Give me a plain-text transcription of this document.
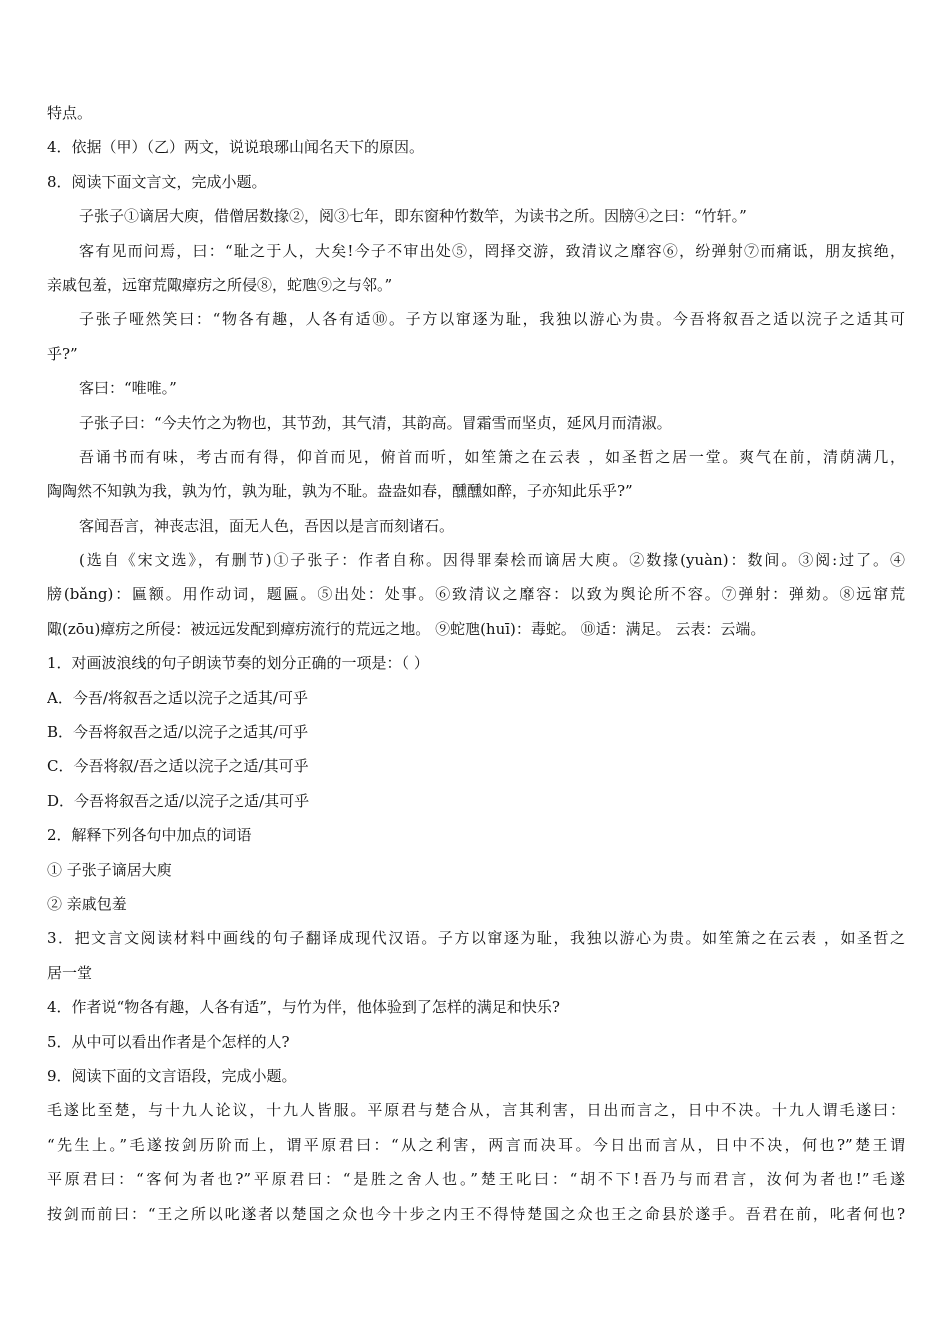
特点。
4．依据（甲）（乙）两文，说说琅琊山闻名天下的原因。
8．阅读下面文言文，完成小题。
子张子①谪居大庾，借僧居数掾②，阅③七年，即东窗种竹数竿，为读书之所。因牓④之曰：“竹轩。”
客有见而问焉，曰：“耻之于人，大矣!今子不审出处⑤，罔择交游，致清议之靡容⑥，纷弹射⑦而痛诋，朋友摈绝，
亲戚包羞，远窜荒陬瘴疠之所侵⑧，蛇虺⑨之与邻。”
子张子哑然笑曰：“物各有趣，人各有适⑩。子方以窜逐为耻，我独以游心为贵。今吾将叙吾之适以浣子之适其可
乎?”
客曰：“唯唯。”
子张子曰：“今夫竹之为物也，其节劲，其气清，其韵高。冒霜雪而坚贞，延风月而清淑。
吾诵书而有味，考古而有得，仰首而见，俯首而听，如笙箫之在云表 ，如圣哲之居一堂。爽气在前，清荫满几，
陶陶然不知孰为我，孰为竹，孰为耻，孰为不耻。盎盎如春，醺醺如醉，子亦知此乐乎?”
客闻吾言，神丧志沮，面无人色，吾因以是言而刻诸石。
(选自《宋文选》，有删节)①子张子：作者自称。因得罪秦桧而谪居大庾。②数掾(yuàn)：数间。③阅:过了。④
牓(bǎng)：匾额。用作动词，题匾。⑤出处：处事。⑥致清议之靡容：以致为舆论所不容。⑦弹射：弹劾。⑧远窜荒
陬(zōu)瘴疠之所侵：被远远发配到瘴疠流行的荒远之地。 ⑨蛇虺(huī)：毒蛇。 ⑩适：满足。 云表：云端。
1．对画波浪线的句子朗读节奏的划分正确的一项是：（ ）
A．今吾/将叙吾之适以浣子之适其/可乎
B．今吾将叙吾之适/以浣子之适其/可乎
C．今吾将叙/吾之适以浣子之适/其可乎
D．今吾将叙吾之适/以浣子之适/其可乎
2．解释下列各句中加点的词语
① 子张子谪居大庾
② 亲戚包羞
3．把文言文阅读材料中画线的句子翻译成现代汉语。子方以窜逐为耻，我独以游心为贵。如笙箫之在云表 ，如圣哲之
居一堂
4．作者说“物各有趣，人各有适”，与竹为伴，他体验到了怎样的满足和快乐?
5．从中可以看出作者是个怎样的人?
9．阅读下面的文言语段，完成小题。
毛遂比至楚，与十九人论议，十九人皆服。平原君与楚合从，言其利害，日出而言之，日中不决。十九人谓毛遂曰：
“先生上。”毛遂按剑历阶而上，谓平原君曰：“从之利害，两言而决耳。今日出而言从，日中不决，何也?”楚王谓
平原君曰：“客何为者也?”平原君曰：“是胜之舍人也。”楚王叱曰：“胡不下!吾乃与而君言，汝何为者也!”毛遂
按剑而前曰：“王之所以叱遂者以楚国之众也今十步之内王不得恃楚国之众也王之命县於遂手。吾君在前，叱者何也?
